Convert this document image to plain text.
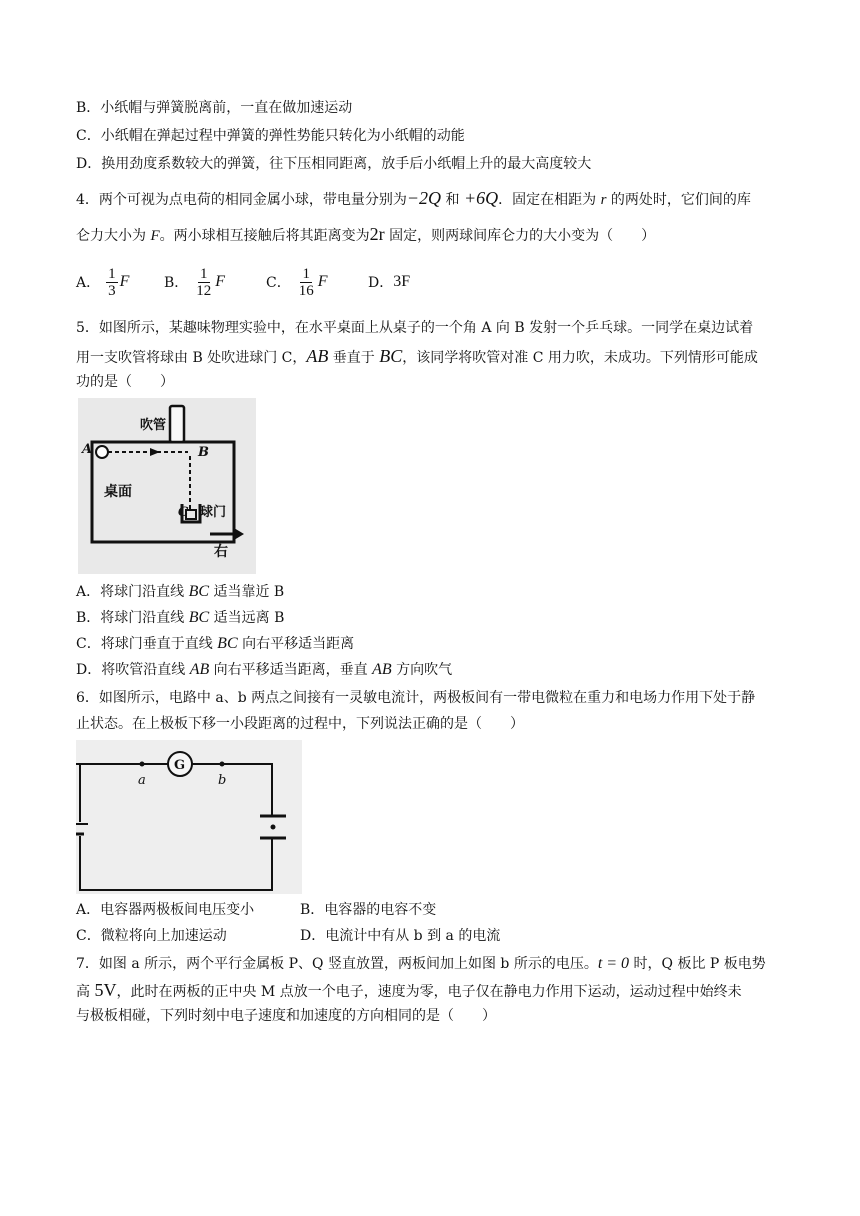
B．小纸帽与弹簧脱离前，一直在做加速运动
C．小纸帽在弹起过程中弹簧的弹性势能只转化为小纸帽的动能
D．换用劲度系数较大的弹簧，往下压相同距离，放手后小纸帽上升的最大高度较大
4．两个可视为点电荷的相同金属小球，带电量分别为−2Q 和 +6Q．固定在相距为 r 的两处时，它们间的库
仑力大小为 F。两小球相互接触后将其距离变为2r 固定，则两球间库仑力的大小变为（　　）
A． $\frac{1}{3}$ F B． $\frac{1}{12}$ F	C． $\frac{1}{16}$ F	D． 3F
5．如图所示，某趣味物理实验中，在水平桌面上从桌子的一个角 A 向 B 发射一个乒乓球。一同学在桌边试着
用一支吹管将球由 B 处吹进球门 C，AB 垂直于 BC，该同学将吹管对准 C 用力吹，未成功。下列情形可能成
功的是（　　）
吹管
A	B
桌面
C 球门
右
A．将球门沿直线 BC 适当靠近 B
B．将球门沿直线 BC 适当远离 B
C．将球门垂直于直线 BC 向右平移适当距离
D．将吹管沿直线 AB 向右平移适当距离，垂直 AB 方向吹气
6．如图所示，电路中 a、b 两点之间接有一灵敏电流计，两极板间有一带电微粒在重力和电场力作用下处于静
止状态。在上极板下移一小段距离的过程中，下列说法正确的是（　　）
G
a	b
A．电容器两极板间电压变小	B．电容器的电容不变
C．微粒将向上加速运动	D．电流计中有从 b 到 a 的电流
7．如图 a 所示，两个平行金属板 P、Q 竖直放置，两板间加上如图 b 所示的电压。t = 0 时，Q 板比 P 板电势
高 5V，此时在两板的正中央 M 点放一个电子，速度为零，电子仅在静电力作用下运动，运动过程中始终未
与极板相碰，下列时刻中电子速度和加速度的方向相同的是（　　）
